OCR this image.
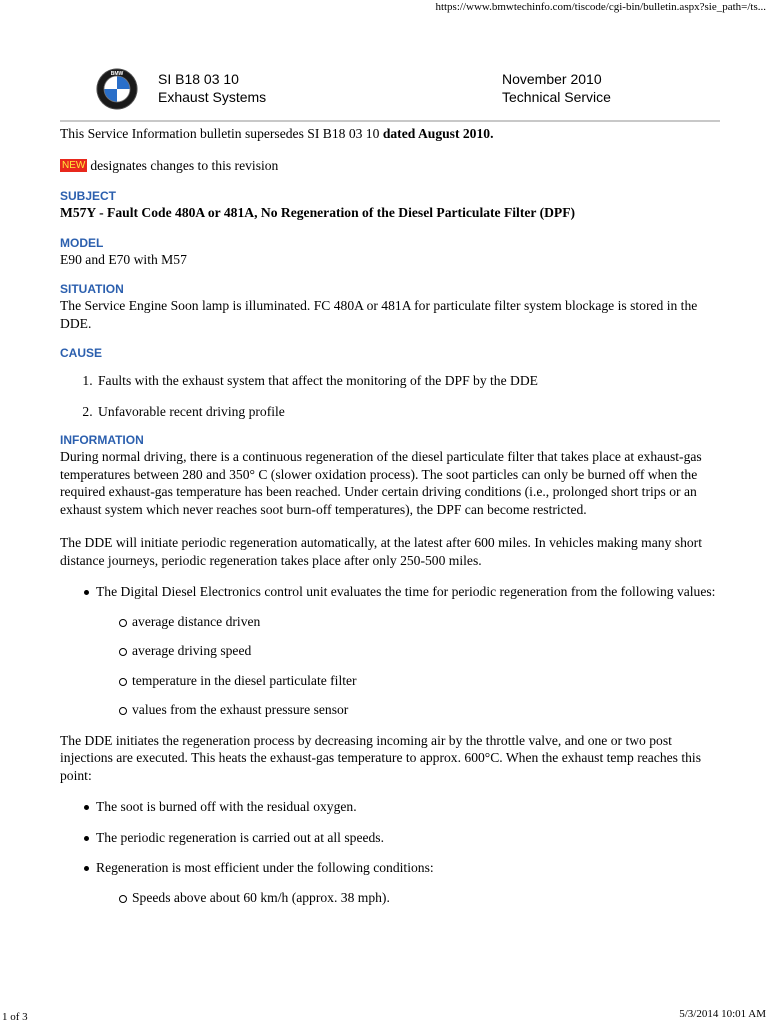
https://www.bmwtechinfo.com/tiscode/cgi-bin/bulletin.aspx?sie_path=/ts...
BMW SI B18 03 10
Exhaust Systems
November 2010
Technical Service

This Service Information bulletin supersedes SI B18 03 10 dated August 2010.

NEW designates changes to this revision
SUBJECT
M57Y - Fault Code 480A or 481A, No Regeneration of the Diesel Particulate Filter (DPF)
MODEL
E90 and E70 with M57
SITUATION
The Service Engine Soon lamp is illuminated. FC 480A or 481A for particulate filter system blockage is stored in the DDE.
CAUSE
1. Faults with the exhaust system that affect the monitoring of the DPF by the DDE
2. Unfavorable recent driving profile
INFORMATION

During normal driving, there is a continuous regeneration of the diesel particulate filter that takes place at exhaust-gas temperatures between 280 and 350° C (slower oxidation process). The soot particles can only be burned off when the required exhaust-gas temperature has been reached. Under certain driving conditions (i.e., prolonged short trips or an exhaust system which never reaches soot burn-off temperatures), the DPF can become restricted.

The DDE will initiate periodic regeneration automatically, at the latest after 600 miles. In vehicles making many short distance journeys, periodic regeneration takes place after only 250-500 miles.

The Digital Diesel Electronics control unit evaluates the time for periodic regeneration from the following values:
average distance driven
average driving speed
temperature in the diesel particulate filter
values from the exhaust pressure sensor

The DDE initiates the regeneration process by decreasing incoming air by the throttle valve, and one or two post injections are executed. This heats the exhaust-gas temperature to approx. 600°C. When the exhaust temp reaches this point:

The soot is burned off with the residual oxygen.
The periodic regeneration is carried out at all speeds.
Regeneration is most efficient under the following conditions:
Speeds above about 60 km/h (approx. 38 mph).
1 of 3	5/3/2014 10:01 AM
